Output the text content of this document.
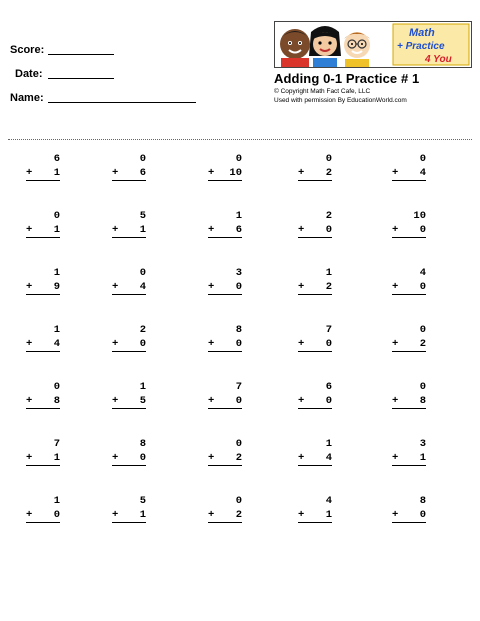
Score:
Date:
Name:
Math
+ Practice
4 You
Adding 0-1 Practice # 1
© Copyright Math Fact Cafe, LLC
Used with permission By EducationWorld.com
6
+ 1
0
+ 6
0
+ 10
0
+ 2
0
+ 4
0
+ 1
5
+ 1
1
+ 6
2
+ 0
10
+ 0
1
+ 9
0
+ 4
3
+ 0
1
+ 2
4
+ 0
1
+ 4
2
+ 0
8
+ 0
7
+ 0
0
+ 2
0
+ 8
1
+ 5
7
+ 0
6
+ 0
0
+ 8
7
+ 1
8
+ 0
0
+ 2
1
+ 4
3
+ 1
1
+ 0
5
+ 1
0
+ 2
4
+ 1
8
+ 0
